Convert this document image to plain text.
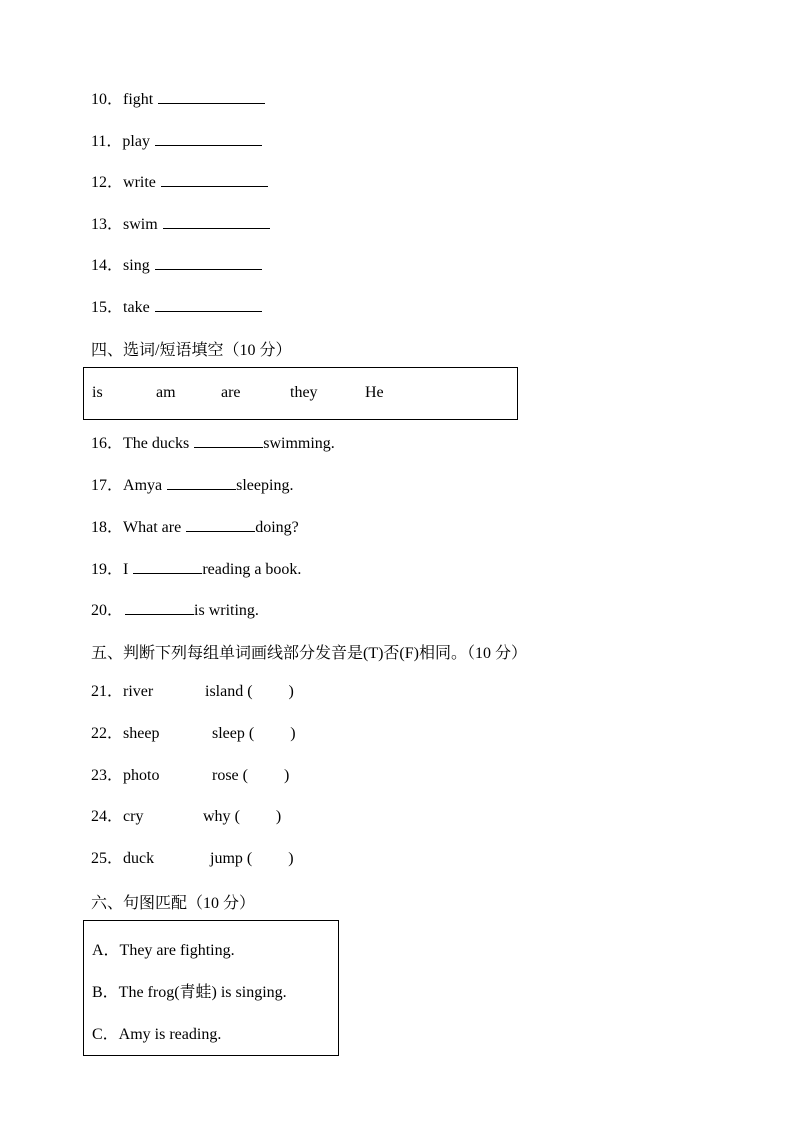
10．fight
11．play
12．write
13．swim
14．sing
15．take
四、选词/短语填空（10 分）
is	am	are	they	He
16．The ducks	swimming.
17．Amya	sleeping.
18．What are	doing?
19．I	reading a book.
20．	is writing.
五、判断下列每组单词画线部分发音是(T)否(F)相同。（10 分）
21．river	island (         )
22．sheep	sleep (         )
23．photo	rose (         )
24．cry	why (         )
25．duck	jump (         )
六、句图匹配（10 分）
A．They are fighting.
B．The frog(青蛙) is singing.
C．Amy is reading.
